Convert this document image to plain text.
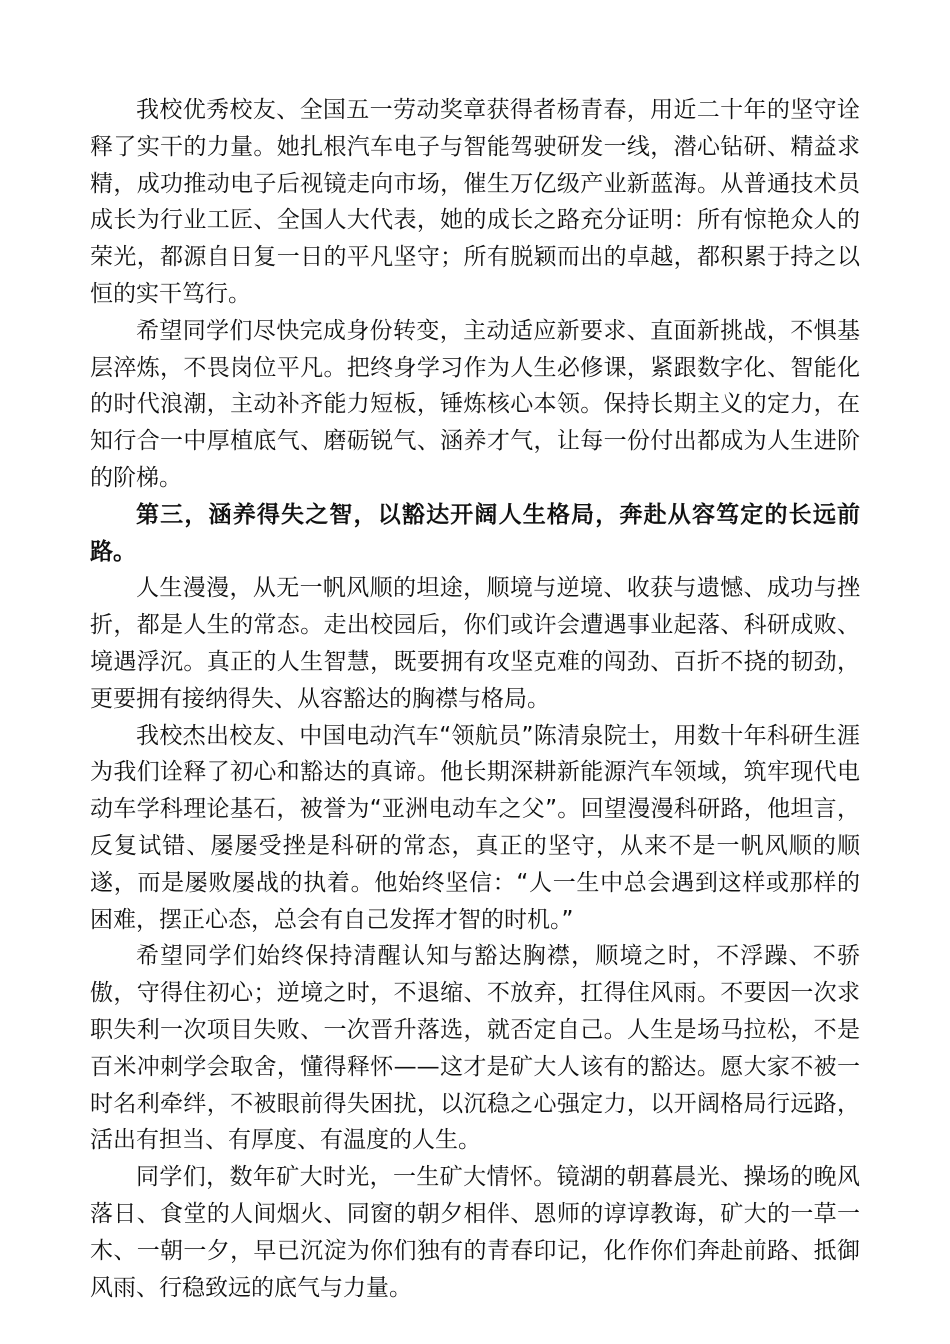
我校优秀校友、全国五一劳动奖章获得者杨青春，用近二十年的坚守诠释了实干的力量。她扎根汽车电子与智能驾驶研发一线，潜心钻研、精益求精，成功推动电子后视镜走向市场，催生万亿级产业新蓝海。从普通技术员成长为行业工匠、全国人大代表，她的成长之路充分证明：所有惊艳众人的荣光，都源自日复一日的平凡坚守；所有脱颖而出的卓越，都积累于持之以恒的实干笃行。

希望同学们尽快完成身份转变，主动适应新要求、直面新挑战，不惧基层淬炼，不畏岗位平凡。把终身学习作为人生必修课，紧跟数字化、智能化的时代浪潮，主动补齐能力短板，锤炼核心本领。保持长期主义的定力，在知行合一中厚植底气、磨砺锐气、涵养才气，让每一份付出都成为人生进阶的阶梯。

第三，涵养得失之智，以豁达开阔人生格局，奔赴从容笃定的长远前路。

人生漫漫，从无一帆风顺的坦途，顺境与逆境、收获与遗憾、成功与挫折，都是人生的常态。走出校园后，你们或许会遭遇事业起落、科研成败、境遇浮沉。真正的人生智慧，既要拥有攻坚克难的闯劲、百折不挠的韧劲，更要拥有接纳得失、从容豁达的胸襟与格局。

我校杰出校友、中国电动汽车“领航员”陈清泉院士，用数十年科研生涯为我们诠释了初心和豁达的真谛。他长期深耕新能源汽车领域，筑牢现代电动车学科理论基石，被誉为“亚洲电动车之父”。回望漫漫科研路，他坦言，反复试错、屡屡受挫是科研的常态，真正的坚守，从来不是一帆风顺的顺遂，而是屡败屡战的执着。他始终坚信：“人一生中总会遇到这样或那样的困难，摆正心态，总会有自己发挥才智的时机。”

希望同学们始终保持清醒认知与豁达胸襟，顺境之时，不浮躁、不骄傲，守得住初心；逆境之时，不退缩、不放弃，扛得住风雨。不要因一次求职失利一次项目失败、一次晋升落选，就否定自己。人生是场马拉松，不是百米冲刺学会取舍，懂得释怀——这才是矿大人该有的豁达。愿大家不被一时名利牵绊，不被眼前得失困扰，以沉稳之心强定力，以开阔格局行远路，活出有担当、有厚度、有温度的人生。

同学们，数年矿大时光，一生矿大情怀。镜湖的朝暮晨光、操场的晚风落日、食堂的人间烟火、同窗的朝夕相伴、恩师的谆谆教诲，矿大的一草一木、一朝一夕，早已沉淀为你们独有的青春印记，化作你们奔赴前路、抵御风雨、行稳致远的底气与力量。
